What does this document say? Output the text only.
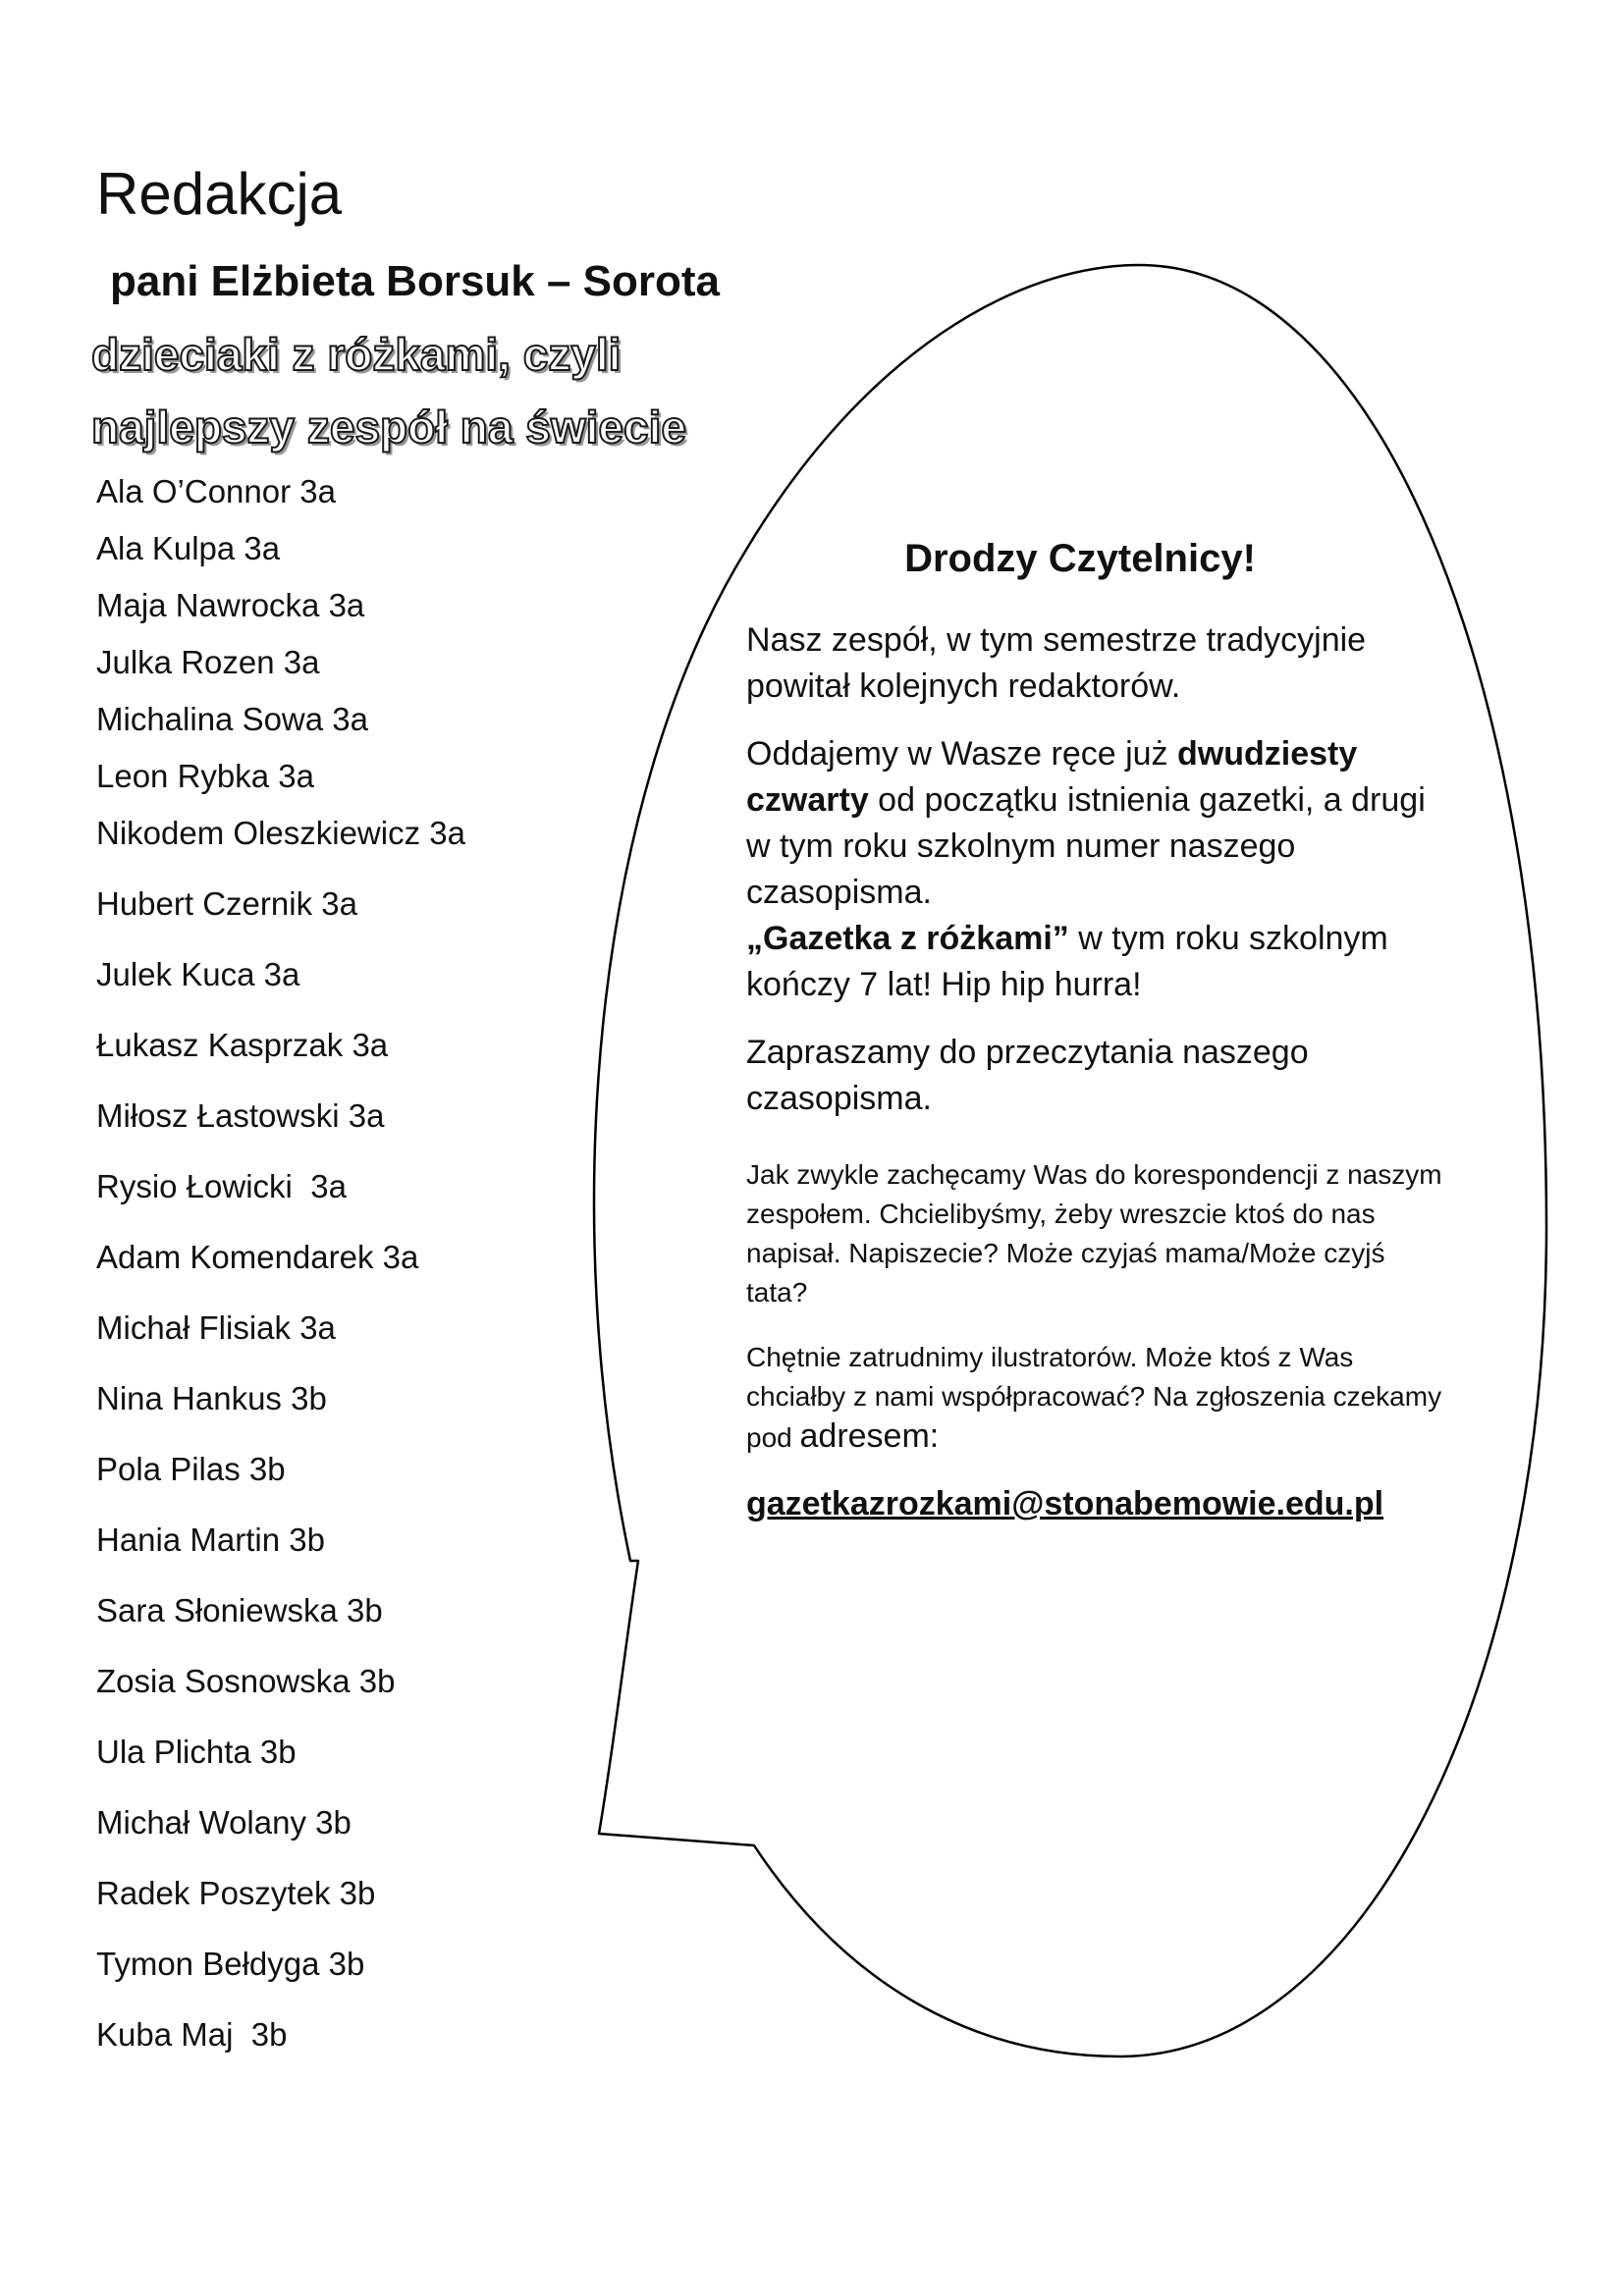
Redakcja
pani Elżbieta Borsuk – Sorota
dzieciaki z różkami, czyli
najlepszy zespół na świecie
Ala O’Connor 3a
Ala Kulpa 3a
Maja Nawrocka 3a
Julka Rozen 3a
Michalina Sowa 3a
Leon Rybka 3a
Nikodem Oleszkiewicz 3a
Hubert Czernik 3a
Julek Kuca 3a
Łukasz Kasprzak 3a
Miłosz Łastowski 3a
Rysio Łowicki  3a
Adam Komendarek 3a
Michał Flisiak 3a
Nina Hankus 3b
Pola Pilas 3b
Hania Martin 3b
Sara Słoniewska 3b
Zosia Sosnowska 3b
Ula Plichta 3b
Michał Wolany 3b
Radek Poszytek 3b
Tymon Bełdyga 3b
Kuba Maj  3b
Drodzy Czytelnicy!

Nasz zespół, w tym semestrze tradycyjnie powitał kolejnych redaktorów.

Oddajemy w Wasze ręce już dwudziesty czwarty od początku istnienia gazetki, a drugi w tym roku szkolnym numer naszego czasopisma.
„Gazetka z różkami” w tym roku szkolnym kończy 7 lat! Hip hip hurra!

Zapraszamy do przeczytania naszego czasopisma.

Jak zwykle zachęcamy Was do korespondencji z naszym zespołem. Chcielibyśmy, żeby wreszcie ktoś do nas napisał. Napiszecie? Może czyjaś mama/Może czyjś tata?

Chętnie zatrudnimy ilustratorów. Może ktoś z Was chciałby z nami współpracować? Na zgłoszenia czekamy pod adresem:

gazetkazrozkami@stonabemowie.edu.pl
